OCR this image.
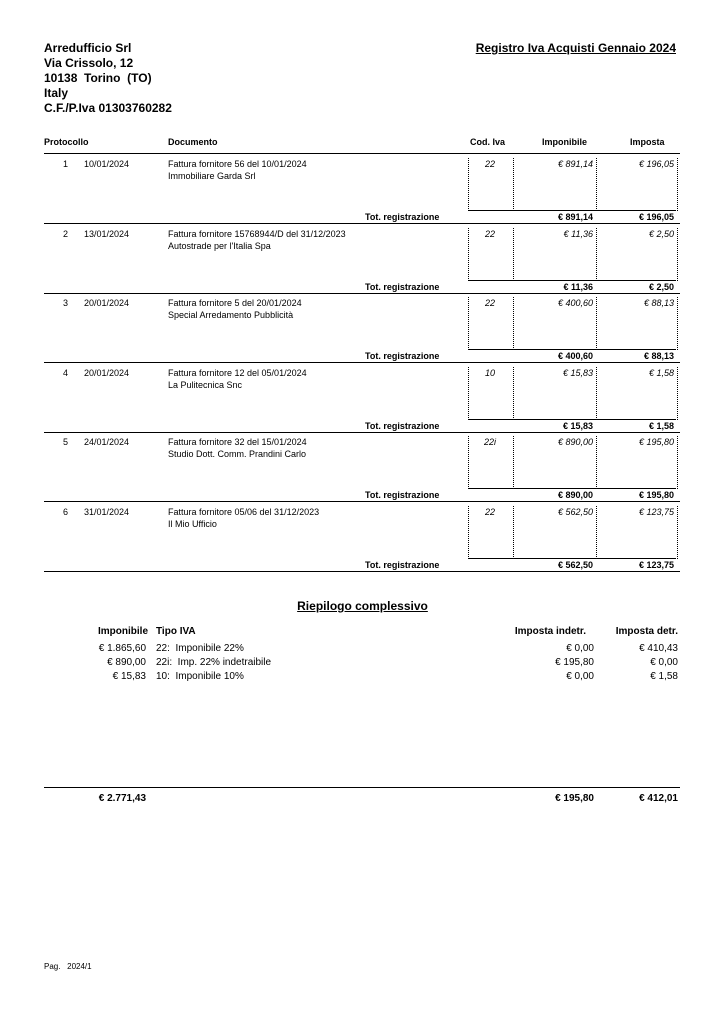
Arredufficio Srl
Via Crissolo, 12
10138  Torino  (TO)
Italy
C.F./P.Iva 01303760282
Registro Iva Acquisti Gennaio 2024
Protocollo	Documento	Cod. Iva	Imponibile	Imposta
1 10/01/2024	Fattura fornitore 56 del 10/01/2024
Immobiliare Garda Srl
22	€ 891,14	€ 196,05
Tot. registrazione	€ 891,14	€ 196,05
2 13/01/2024	Fattura fornitore 15768944/D del 31/12/2023
Autostrade per l'Italia Spa
22	€ 11,36	€ 2,50
Tot. registrazione	€ 11,36	€ 2,50
3 20/01/2024	Fattura fornitore 5 del 20/01/2024
Special Arredamento Pubblicità
22	€ 400,60	€ 88,13
Tot. registrazione	€ 400,60	€ 88,13
4 20/01/2024	Fattura fornitore 12 del 05/01/2024
La Pulitecnica Snc
10	€ 15,83	€ 1,58
Tot. registrazione	€ 15,83	€ 1,58
5 24/01/2024	Fattura fornitore 32 del 15/01/2024
Studio Dott. Comm. Prandini Carlo
22i	€ 890,00	€ 195,80
Tot. registrazione	€ 890,00	€ 195,80
6 31/01/2024	Fattura fornitore 05/06 del 31/12/2023
Il Mio Ufficio
22	€ 562,50	€ 123,75
Tot. registrazione	€ 562,50	€ 123,75
Riepilogo complessivo
Imponibile Tipo IVA	Imposta indetr.	Imposta detr.
€ 1.865,60 22:  Imponibile 22%	€ 0,00	€ 410,43
€ 890,00 22i:  Imp. 22% indetraibile	€ 195,80	€ 0,00
€ 15,83 10:  Imponibile 10%	€ 0,00	€ 1,58
€ 2.771,43	€ 195,80	€ 412,01
Pag.   2024/1
